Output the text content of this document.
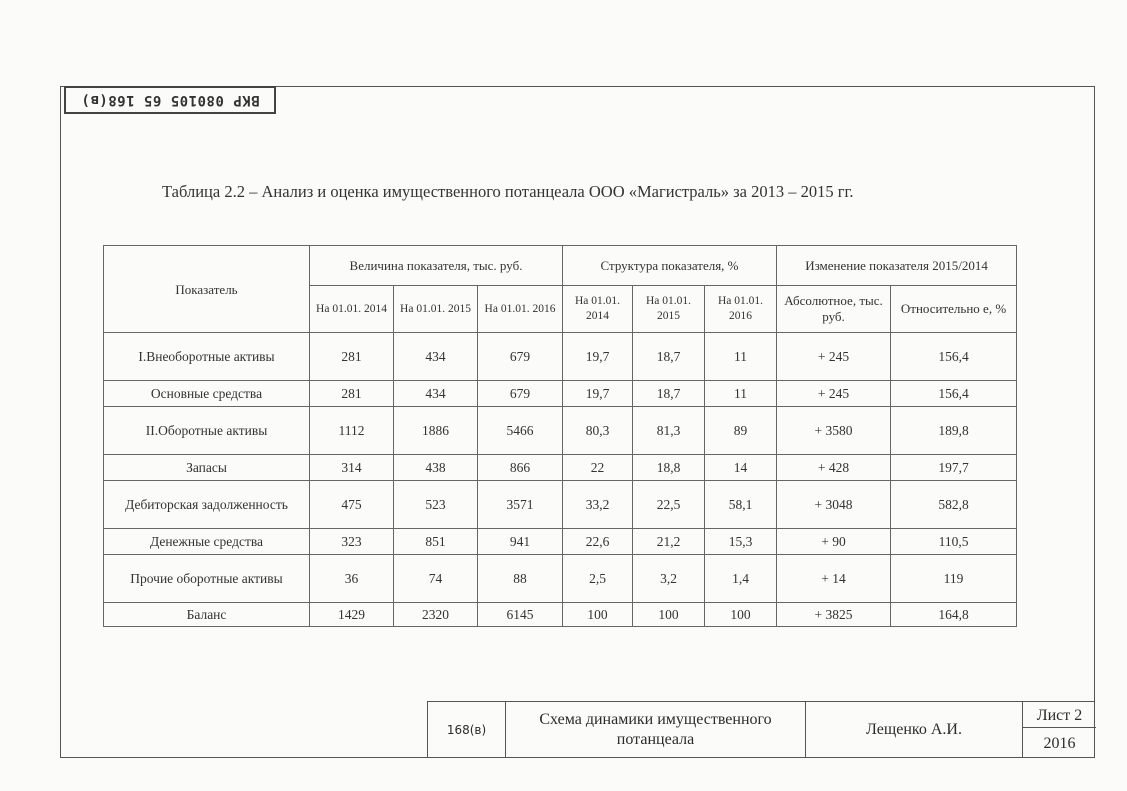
ВКР 080105 65 168(в)
Таблица 2.2 – Анализ и оценка имущественного потанцеала ООО «Магистраль» за 2013 – 2015 гг.
Показатель	Величина показателя, тыс. руб.			Структура показателя, %			Изменение показателя 2015/2014	
	На 01.01. 2014	На 01.01. 2015	На 01.01. 2016	На 01.01. 2014	На 01.01. 2015	На 01.01. 2016	Абсолютное, тыс. руб.	Относительно е, %
I.Внеоборотные активы	281	434	679	19,7	18,7	11	+ 245	156,4
Основные средства	281	434	679	19,7	18,7	11	+ 245	156,4
II.Оборотные активы	1112	1886	5466	80,3	81,3	89	+ 3580	189,8
Запасы	314	438	866	22	18,8	14	+ 428	197,7
Дебиторская задолженность	475	523	3571	33,2	22,5	58,1	+ 3048	582,8
Денежные средства	323	851	941	22,6	21,2	15,3	+ 90	110,5
Прочие оборотные активы	36	74	88	2,5	3,2	1,4	+ 14	119
Баланс	1429	2320	6145	100	100	100	+ 3825	164,8
168(в)
Схема динамики имущественного потанцеала
Лещенко А.И.
Лист 2
2016
